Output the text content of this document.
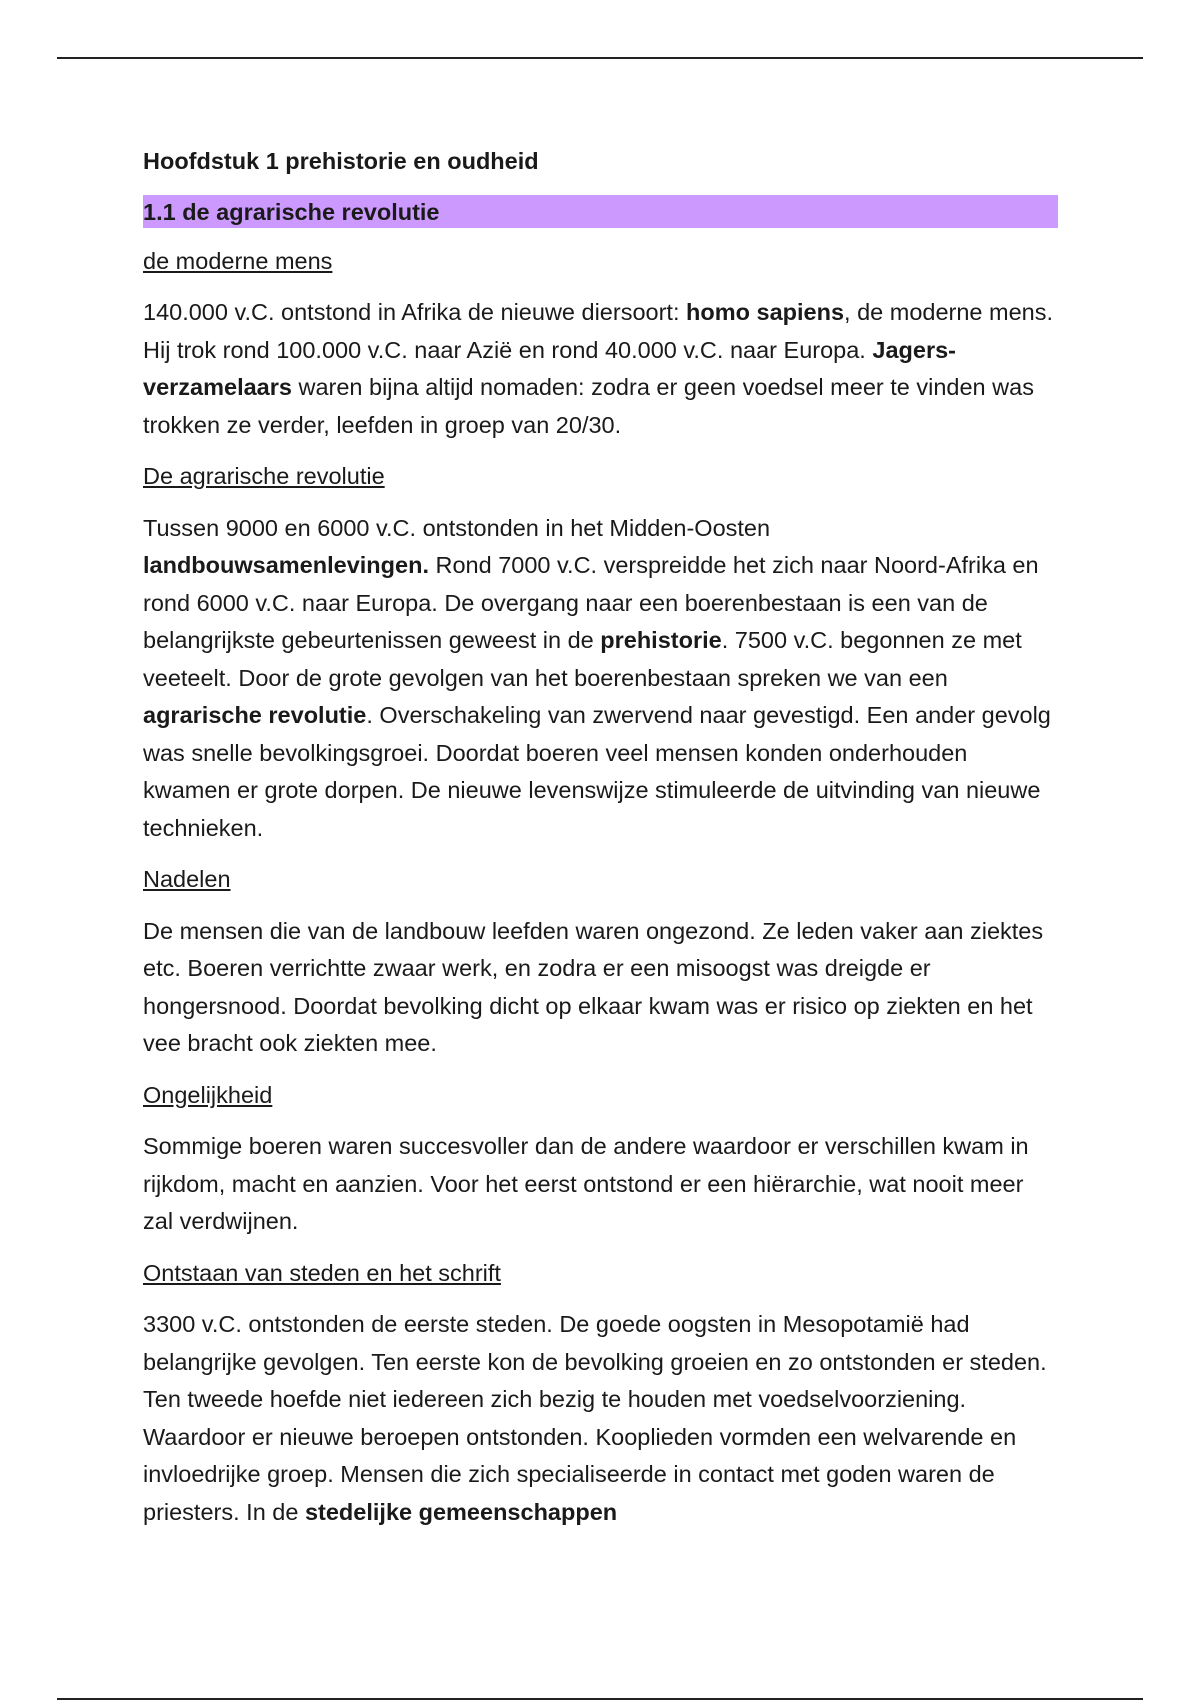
Hoofdstuk 1 prehistorie en oudheid
1.1 de agrarische revolutie
de moderne mens
140.000 v.C. ontstond in Afrika de nieuwe diersoort: homo sapiens, de moderne mens. Hij trok rond 100.000 v.C. naar Azië en rond 40.000 v.C. naar Europa. Jagers-verzamelaars waren bijna altijd nomaden: zodra er geen voedsel meer te vinden was trokken ze verder, leefden in groep van 20/30.
De agrarische revolutie
Tussen 9000 en 6000 v.C. ontstonden in het Midden-Oosten landbouwsamenlevingen. Rond 7000 v.C. verspreidde het zich naar Noord-Afrika en rond 6000 v.C. naar Europa. De overgang naar een boerenbestaan is een van de belangrijkste gebeurtenissen geweest in de prehistorie. 7500 v.C. begonnen ze met veeteelt. Door de grote gevolgen van het boerenbestaan spreken we van een agrarische revolutie. Overschakeling van zwervend naar gevestigd. Een ander gevolg was snelle bevolkingsgroei. Doordat boeren veel mensen konden onderhouden kwamen er grote dorpen. De nieuwe levenswijze stimuleerde de uitvinding van nieuwe technieken.
Nadelen
De mensen die van de landbouw leefden waren ongezond. Ze leden vaker aan ziektes etc. Boeren verrichtte zwaar werk, en zodra er een misoogst was dreigde er hongersnood. Doordat bevolking dicht op elkaar kwam was er risico op ziekten en het vee bracht ook ziekten mee.
Ongelijkheid
Sommige boeren waren succesvoller dan de andere waardoor er verschillen kwam in rijkdom, macht en aanzien. Voor het eerst ontstond er een hiërarchie, wat nooit meer zal verdwijnen.
Ontstaan van steden en het schrift
3300 v.C. ontstonden de eerste steden. De goede oogsten in Mesopotamië had belangrijke gevolgen. Ten eerste kon de bevolking groeien en zo ontstonden er steden. Ten tweede hoefde niet iedereen zich bezig te houden met voedselvoorziening. Waardoor er nieuwe beroepen ontstonden. Kooplieden vormden een welvarende en invloedrijke groep. Mensen die zich specialiseerde in contact met goden waren de priesters. In de stedelijke gemeenschappen
